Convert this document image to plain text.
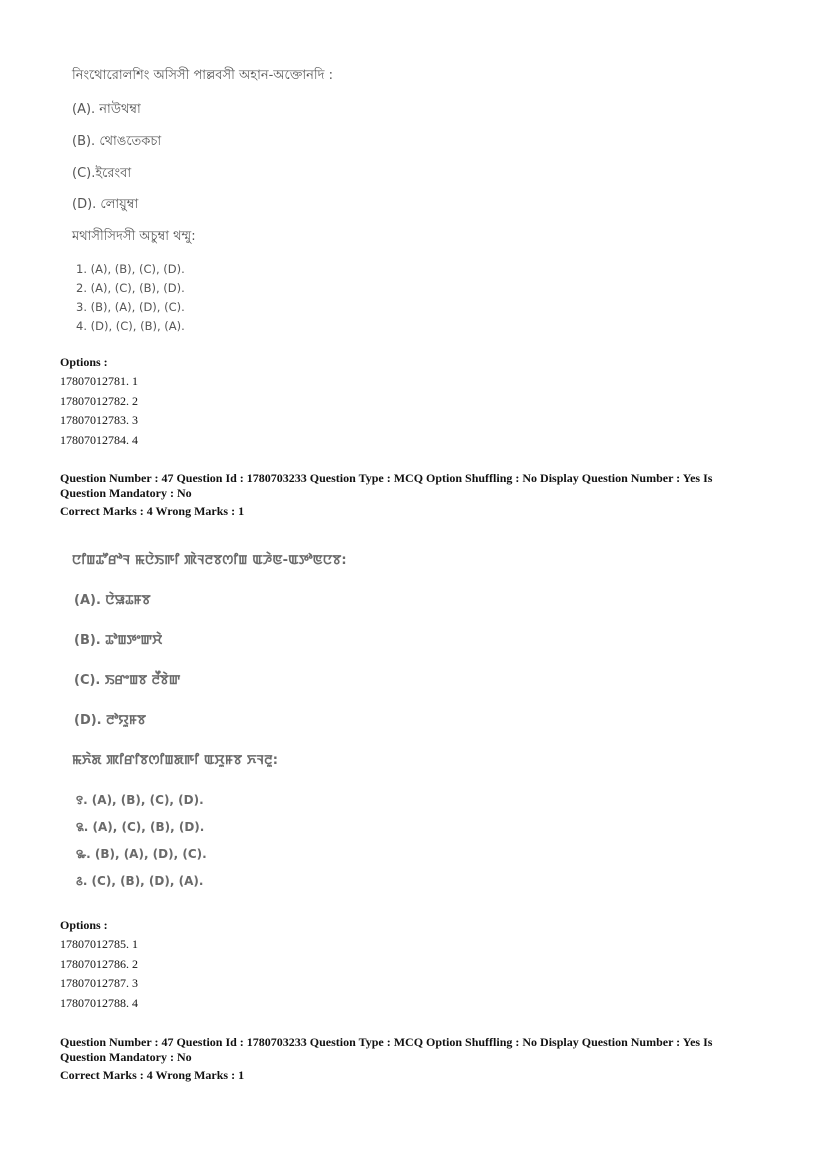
নিংথোরোলশিং অসিসী পাল্লবসী অহান-অক্তোনদি :
(A). নাউথম্বা
(B). থোঙতেকচা
(C).ইরেংবা
(D). লোয়ুম্বা
মথাসীসিদসী অচুম্বা থম্মু:
1. (A), (B), (C), (D).
2. (A), (C), (B), (D).
3. (B), (A), (D), (C).
4. (D), (C), (B), (A).
Options :
17807012781. 1
17807012782. 2
17807012783. 3
17807012784. 4
Question Number : 47 Question Id : 1780703233 Question Type : MCQ Option Shuffling : No Display Question Number : Yes Is
Question Mandatory : No
Correct Marks : 4 Wrong Marks : 1
ꯅꯤꯡꯊꯧꯔꯣꯜ ꯃꯅꯥꯏꯒꯤ ꯄꯥꯜꯂꯕꯁꯤꯡ ꯑꯍꯥꯟ-ꯑꯇꯣꯟꯅꯕ:
(A). ꯅꯥꯎꯊꯝꯕ
(B). ꯊꯣꯡꯇꯦꯛꯆꯥ
(C). ꯏꯔꯦꯡꯕ ꯂꯩꯕꯥꯛ
(D). ꯂꯣꯌꯨꯝꯕ
ꯃꯈꯥꯗ ꯄꯤꯔꯤꯕꯁꯤꯡꯗꯒꯤ ꯑꯆꯨꯝꯕ ꯈꯜꯂꯨ:
꯱. (A), (B), (C), (D).
꯲. (A), (C), (B), (D).
꯳. (B), (A), (D), (C).
꯴. (C), (B), (D), (A).
Options :
17807012785. 1
17807012786. 2
17807012787. 3
17807012788. 4
Question Number : 47 Question Id : 1780703233 Question Type : MCQ Option Shuffling : No Display Question Number : Yes Is
Question Mandatory : No
Correct Marks : 4 Wrong Marks : 1
